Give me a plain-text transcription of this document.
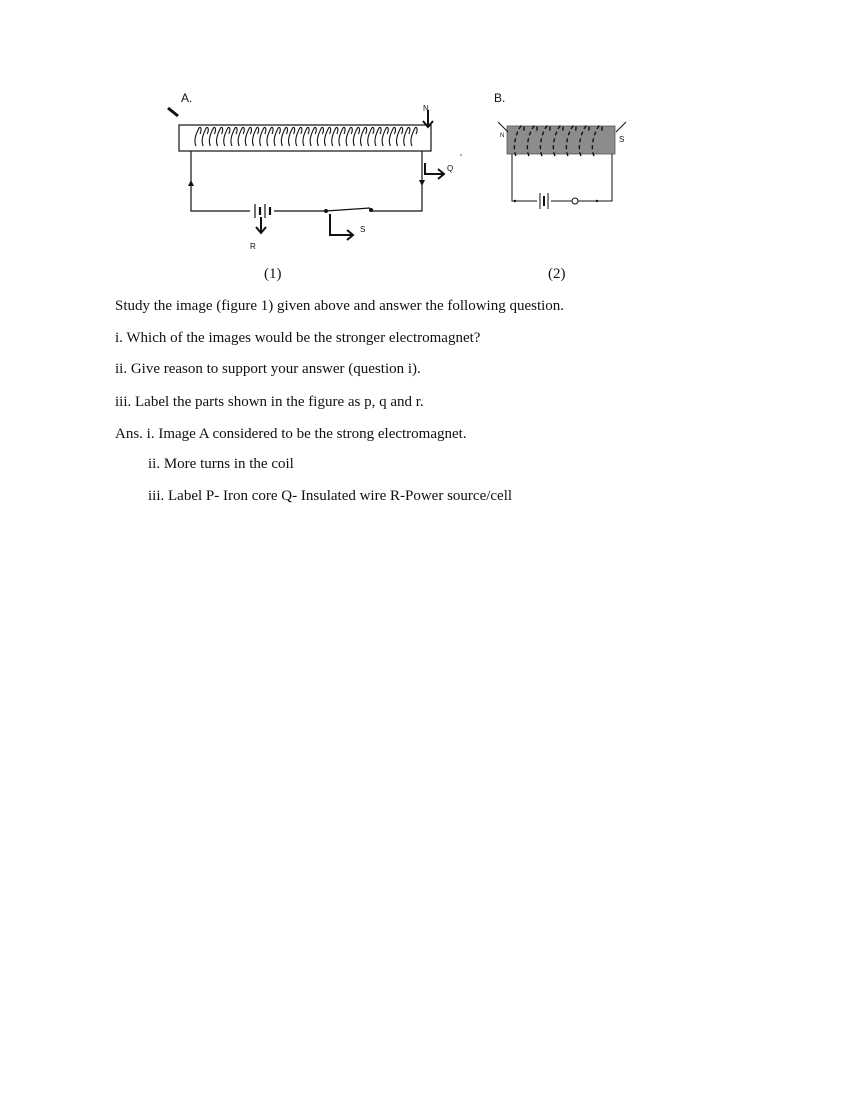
A.
N
Q
R
S
B.
N	S
(1)	(2)
Study the image (figure 1) given above and answer the following question.
i. Which of the images would be the stronger electromagnet?
ii. Give reason to support your answer (question i).
iii. Label the parts shown in the figure as p, q and r.
Ans. i. Image A considered to be the strong electromagnet.
ii. More turns in the coil
iii. Label P- Iron core Q- Insulated wire R-Power source/cell
